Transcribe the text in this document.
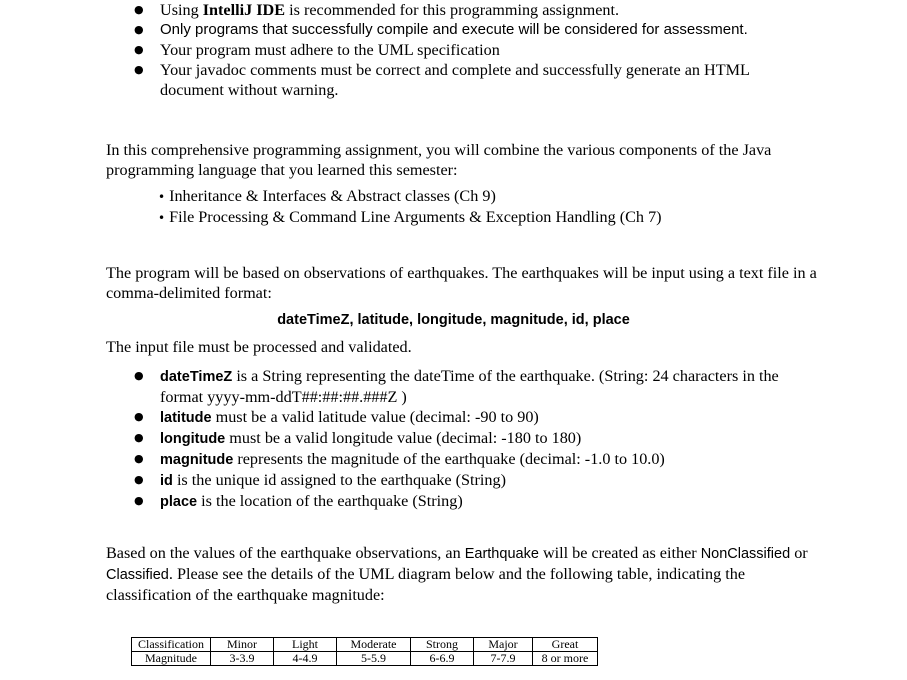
● Using IntelliJ IDE is recommended for this programming assignment.
● Only programs that successfully compile and execute will be considered for assessment.
● Your program must adhere to the UML specification
● Your javadoc comments must be correct and complete and successfully generate an HTML document without warning.

In this comprehensive programming assignment, you will combine the various components of the Java programming language that you learned this semester:

• Inheritance & Interfaces & Abstract classes (Ch 9)
• File Processing & Command Line Arguments & Exception Handling (Ch 7)

The program will be based on observations of earthquakes. The earthquakes will be input using a text file in a comma-delimited format:

dateTimeZ, latitude, longitude, magnitude, id, place

The input file must be processed and validated.

● dateTimeZ is a String representing the dateTime of the earthquake. (String: 24 characters in the format yyyy-mm-ddT##:##:##.###Z )
● latitude must be a valid latitude value (decimal: -90 to 90)
● longitude must be a valid longitude value (decimal: -180 to 180)
● magnitude represents the magnitude of the earthquake (decimal: -1.0 to 10.0)
● id is the unique id assigned to the earthquake (String)
● place is the location of the earthquake (String)

Based on the values of the earthquake observations, an Earthquake will be created as either NonClassified or
Classified. Please see the details of the UML diagram below and the following table, indicating the classification of the earthquake magnitude:

Classification	Minor	Light	Moderate	Strong	Major	Great
Magnitude	3-3.9	4-4.9	5-5.9	6-6.9	7-7.9	8 or more
